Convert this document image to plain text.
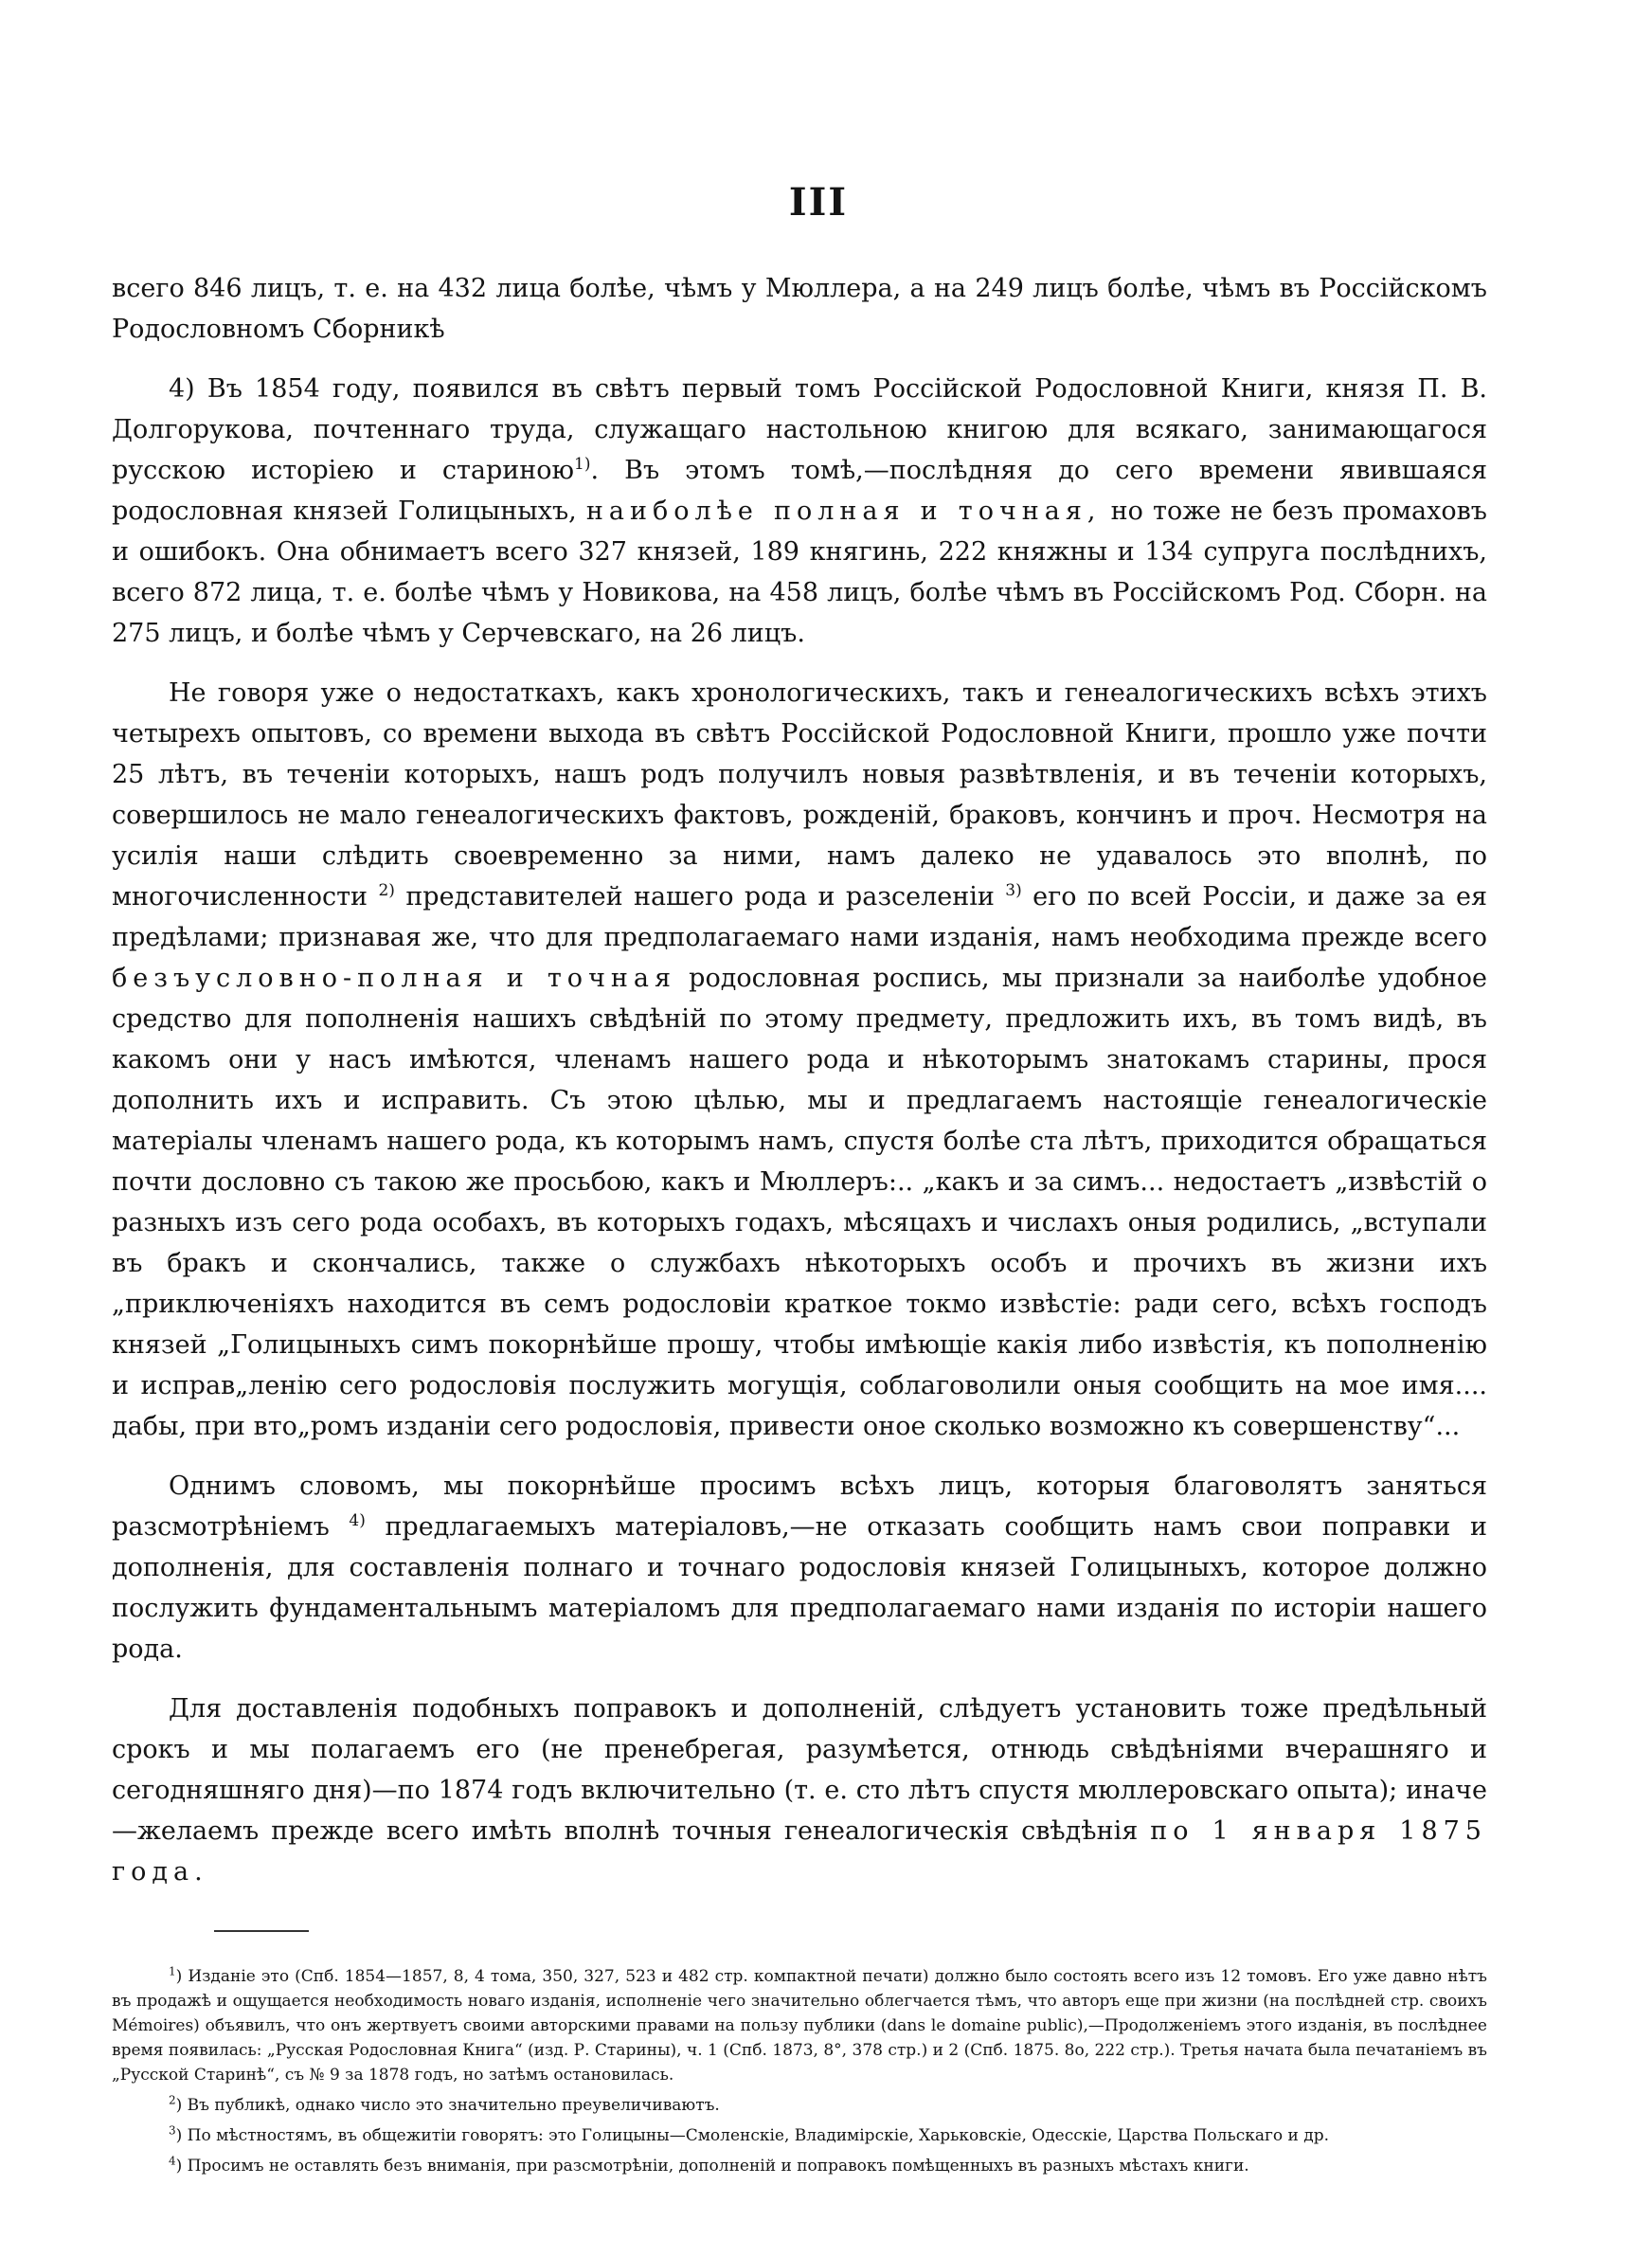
III

всего 846 лицъ, т. е. на 432 лица болѣе, чѣмъ у Мюллера, а на 249 лицъ болѣе, чѣмъ въ Россійскомъ Родословномъ Сборникѣ

4) Въ 1854 году, появился въ свѣтъ первый томъ Россійской Родословной Книги, князя П. В. Долгорукова, почтеннаго труда, служащаго настольною книгою для всякаго, занимающагося русскою исторіею и стариною$^{1)}$. Въ этомъ томѣ,—послѣдняя до сего времени явившаяся родословная князей Голицыныхъ, наиболѣе полная и точная, но тоже не безъ промаховъ и ошибокъ. Она обнимаетъ всего 327 князей, 189 княгинь, 222 княжны и 134 супруга послѣднихъ, всего 872 лица, т. е. болѣе чѣмъ у Новикова, на 458 лицъ, болѣе чѣмъ въ Россійскомъ Род. Сборн. на 275 лицъ, и болѣе чѣмъ у Серчевскаго, на 26 лицъ.

Не говоря уже о недостаткахъ, какъ хронологическихъ, такъ и генеалогическихъ всѣхъ этихъ четырехъ опытовъ, со времени выхода въ свѣтъ Россійской Родословной Книги, прошло уже почти 25 лѣтъ, въ теченіи которыхъ, нашъ родъ получилъ новыя развѣтвленія, и въ теченіи которыхъ, совершилось не мало генеалогическихъ фактовъ, рожденій, браковъ, кончинъ и проч. Несмотря на усилія наши слѣдить своевременно за ними, намъ далеко не удавалось это вполнѣ, по многочисленности $^{2)}$ представителей нашего рода и разселеніи $^{3)}$ его по всей Россіи, и даже за ея предѣлами; признавая же, что для предполагаемаго нами изданія, намъ необходима прежде всего безъусловно-полная и точная родословная роспись, мы признали за наиболѣе удобное средство для пополненія нашихъ свѣдѣній по этому предмету, предложить ихъ, въ томъ видѣ, въ какомъ они у насъ имѣются, членамъ нашего рода и нѣкоторымъ знатокамъ старины, прося дополнить ихъ и исправить. Съ этою цѣлью, мы и предлагаемъ настоящіе генеалогическіе матеріалы членамъ нашего рода, къ которымъ намъ, спустя болѣе ста лѣтъ, приходится обращаться почти дословно съ такою же просьбою, какъ и Мюллеръ:.. „какъ и за симъ... недостаетъ „извѣстій о разныхъ изъ сего рода особахъ, въ которыхъ годахъ, мѣсяцахъ и числахъ оныя родились, „вступали въ бракъ и скончались, также о службахъ нѣкоторыхъ особъ и прочихъ въ жизни ихъ „приключеніяхъ находится въ семъ родословіи краткое токмо извѣстіе: ради сего, всѣхъ господъ князей „Голицыныхъ симъ покорнѣйше прошу, чтобы имѣющіе какія либо извѣстія, къ пополненію и исправ„ленію сего родословія послужить могущія, соблаговолили оныя сообщить на мое имя.... дабы, при вто„ромъ изданіи сего родословія, привести оное сколько возможно къ совершенству“...

Однимъ словомъ, мы покорнѣйше просимъ всѣхъ лицъ, которыя благоволятъ заняться разсмотрѣніемъ $^{4)}$ предлагаемыхъ матеріаловъ,—не отказать сообщить намъ свои поправки и дополненія, для составленія полнаго и точнаго родословія князей Голицыныхъ, которое должно послужить фундаментальнымъ матеріаломъ для предполагаемаго нами изданія по исторіи нашего рода.

Для доставленія подобныхъ поправокъ и дополненій, слѣдуетъ установить тоже предѣльный срокъ и мы полагаемъ его (не пренебрегая, разумѣется, отнюдь свѣдѣніями вчерашняго и сегодняшняго дня)—по 1874 годъ включительно (т. е. сто лѣтъ спустя мюллеровскаго опыта); иначе—желаемъ прежде всего имѣть вполнѣ точныя генеалогическія свѣдѣнія по 1 января 1875 года.

$^1$) Изданіе это (Спб. 1854—1857, 8, 4 тома, 350, 327, 523 и 482 стр. компактной печати) должно было состоять всего изъ 12 томовъ. Его уже давно нѣтъ въ продажѣ и ощущается необходимость новаго изданія, исполненіе чего значительно облегчается тѣмъ, что авторъ еще при жизни (на послѣдней стр. своихъ Mémoires) объявилъ, что онъ жертвуетъ своими авторскими правами на пользу публики (dans le domaine public),—Продолженіемъ этого изданія, въ послѣднее время появилась: „Русская Родословная Книга“ (изд. Р. Старины), ч. 1 (Спб. 1873, 8°, 378 стр.) и 2 (Спб. 1875. 8о, 222 стр.). Третья начата была печатаніемъ въ „Русской Старинѣ“, съ № 9 за 1878 годъ, но затѣмъ остановилась.

$^2$) Въ публикѣ, однако число это значительно преувеличиваютъ.

$^3$) По мѣстностямъ, въ общежитіи говорятъ: это Голицыны—Смоленскіе, Владимірскіе, Харьковскіе, Одесскіе, Царства Польскаго и др.

$^4$) Просимъ не оставлять безъ вниманія, при разсмотрѣніи, дополненій и поправокъ помѣщенныхъ въ разныхъ мѣстахъ книги.
